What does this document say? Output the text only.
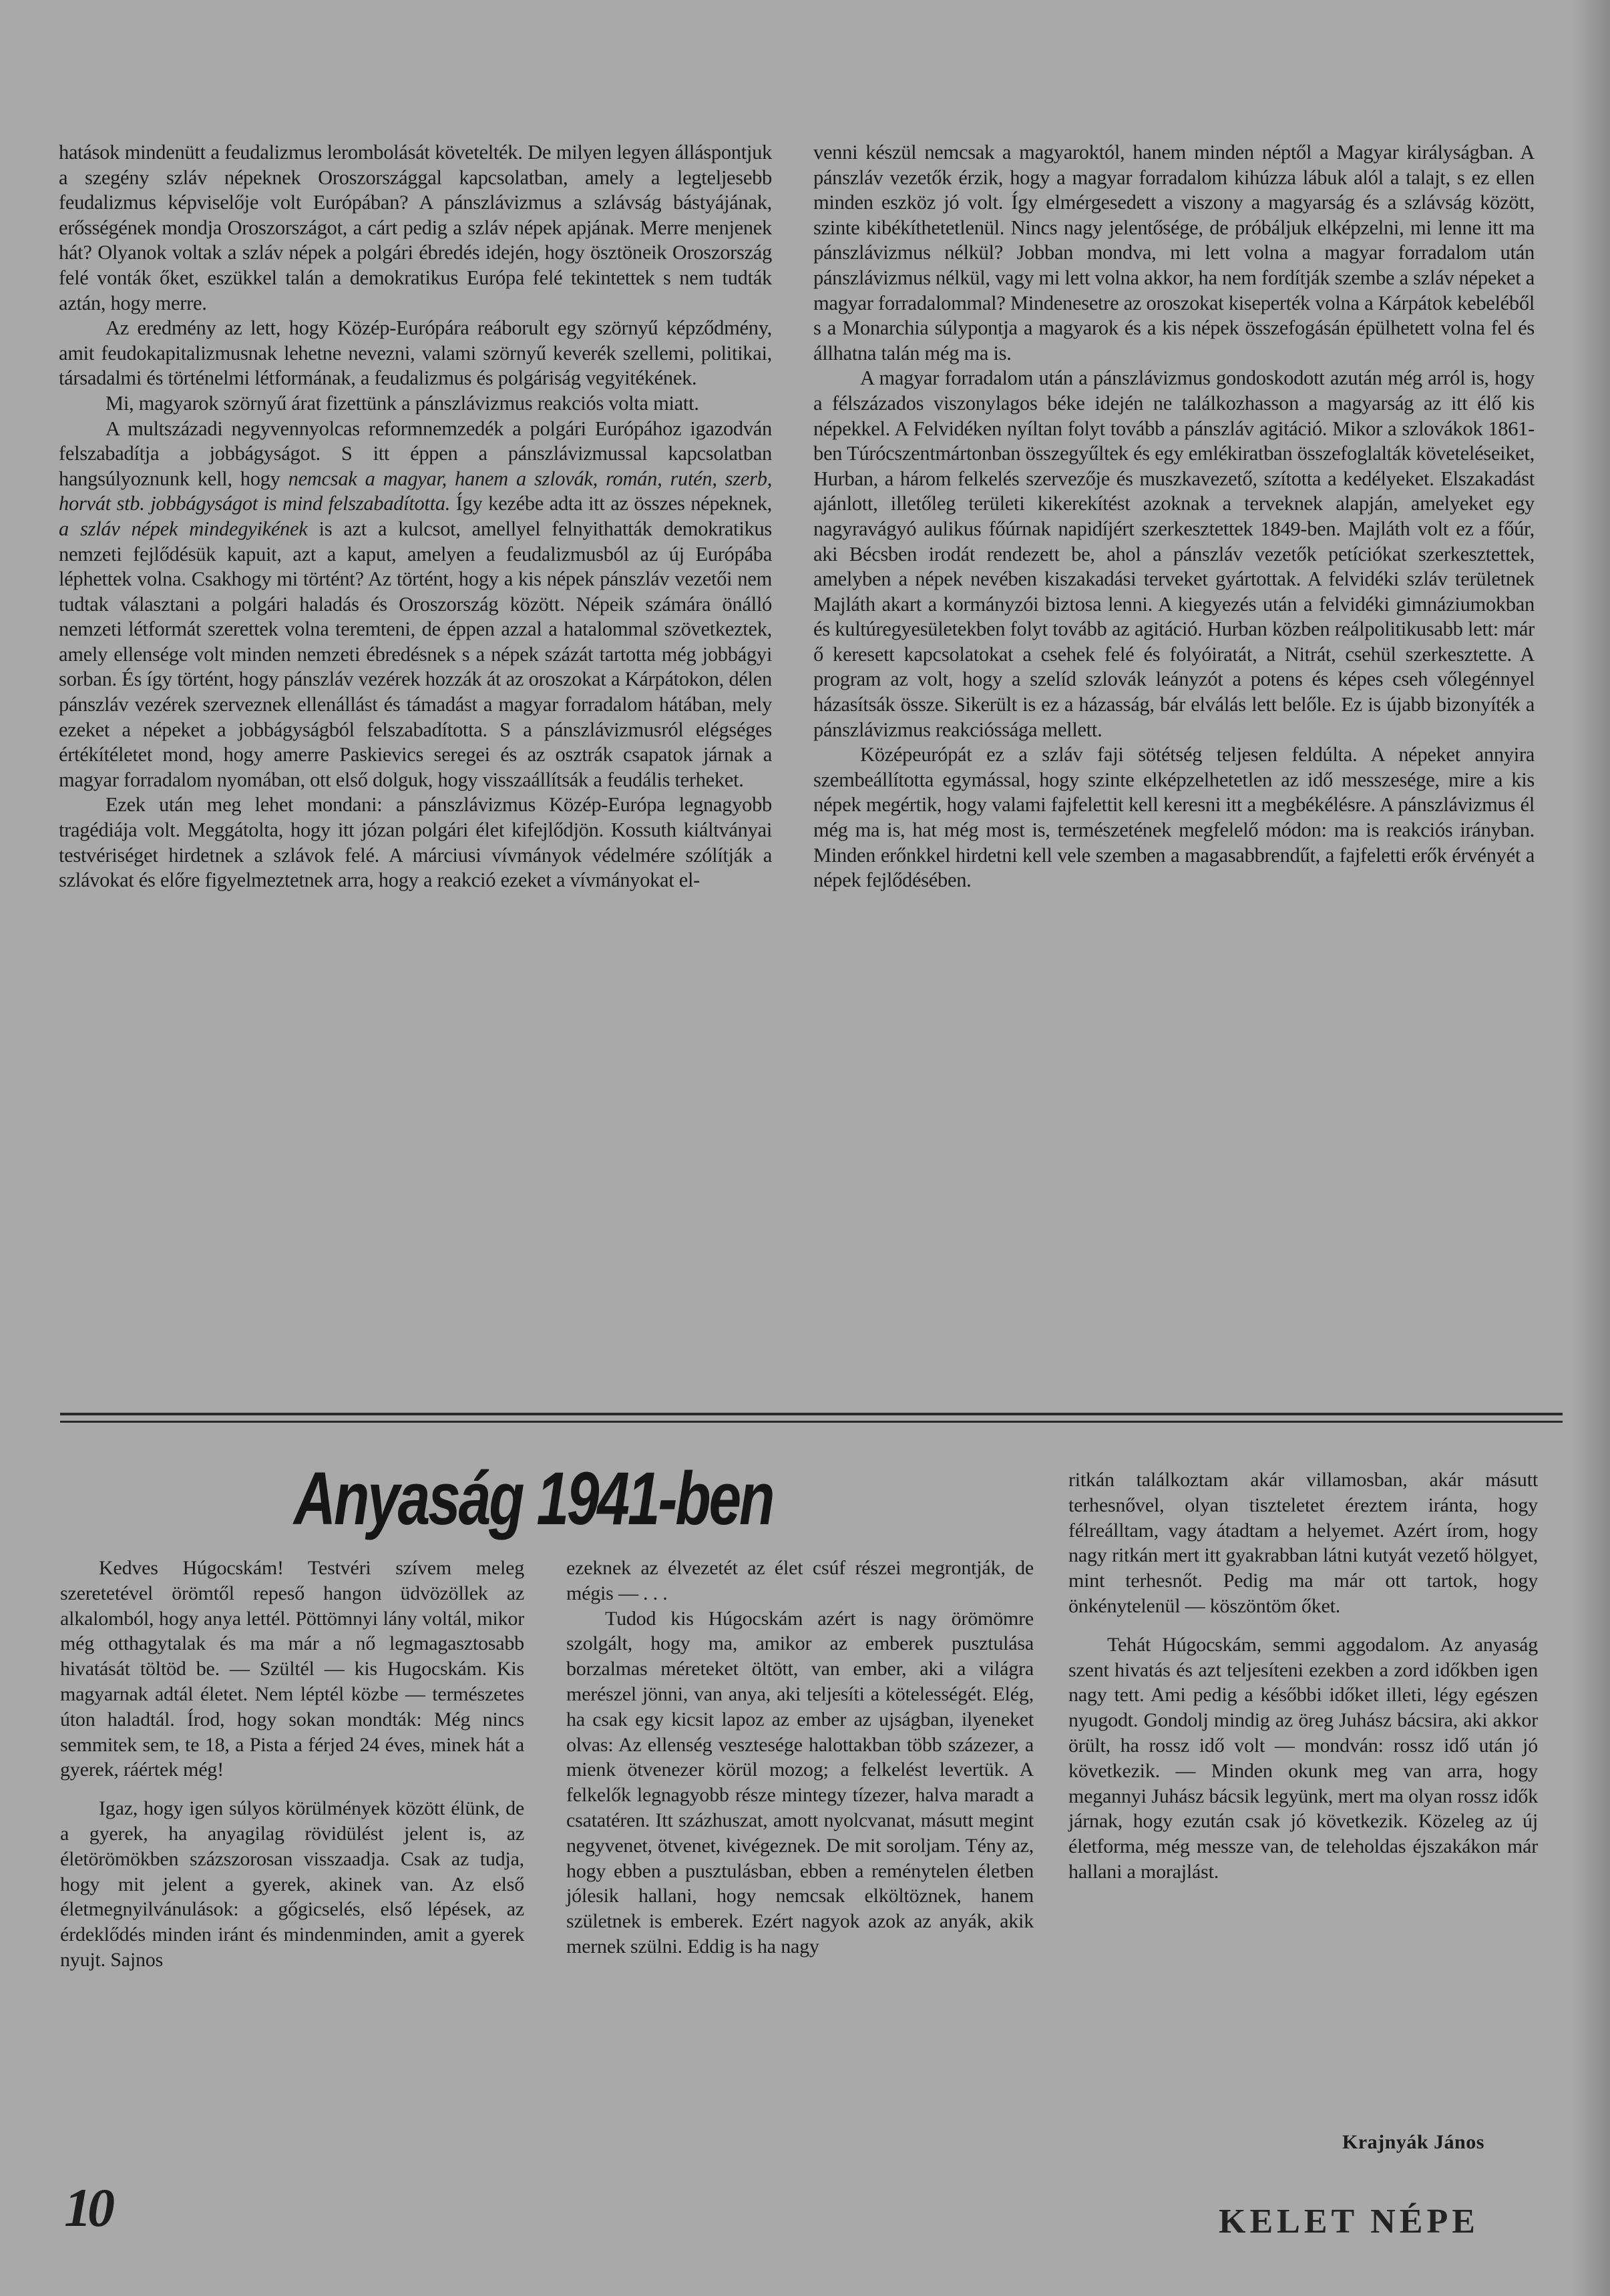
hatások mindenütt a feudalizmus lerombolását követelték. De milyen legyen álláspontjuk a szegény szláv népeknek Oroszországgal kapcsolatban, amely a legteljesebb feudalizmus képviselője volt Európában? A pánszlávizmus a szlávság bástyájának, erősségének mondja Oroszországot, a cárt pedig a szláv népek apjának. Merre menjenek hát? Olyanok voltak a szláv népek a polgári ébredés idején, hogy ösztöneik Oroszország felé vonták őket, eszükkel talán a demokratikus Európa felé tekintettek s nem tudták aztán, hogy merre.

Az eredmény az lett, hogy Közép-Európára reáborult egy szörnyű képződmény, amit feudokapitalizmusnak lehetne nevezni, valami szörnyű keverék szellemi, politikai, társadalmi és történelmi létformának, a feudalizmus és polgáriság vegyitékének.

Mi, magyarok szörnyű árat fizettünk a pánszlávizmus reakciós volta miatt.

A multszázadi negyvennyolcas reformnemzedék a polgári Európához igazodván felszabadítja a jobbágyságot. S itt éppen a pánszlávizmussal kapcsolatban hangsúlyoznunk kell, hogy nemcsak a magyar, hanem a szlovák, román, rutén, szerb, horvát stb. jobbágyságot is mind felszabadította. Így kezébe adta itt az összes népeknek, a szláv népek mindegyikének is azt a kulcsot, amellyel felnyithatták demokratikus nemzeti fejlődésük kapuit, azt a kaput, amelyen a feudalizmusból az új Európába léphettek volna. Csakhogy mi történt? Az történt, hogy a kis népek pánszláv vezetői nem tudtak választani a polgári haladás és Oroszország között. Népeik számára önálló nemzeti létformát szerettek volna teremteni, de éppen azzal a hatalommal szövetkeztek, amely ellensége volt minden nemzeti ébredésnek s a népek százát tartotta még jobbágyi sorban. És így történt, hogy pánszláv vezérek hozzák át az oroszokat a Kárpátokon, délen pánszláv vezérek szerveznek ellenállást és támadást a magyar forradalom hátában, mely ezeket a népeket a jobbágyságból felszabadította. S a pánszlávizmusról elégséges értékítéletet mond, hogy amerre Paskievics seregei és az osztrák csapatok járnak a magyar forradalom nyomában, ott első dolguk, hogy visszaállítsák a feudális terheket.

Ezek után meg lehet mondani: a pánszlávizmus Közép-Európa legnagyobb tragédiája volt. Meggátolta, hogy itt józan polgári élet kifejlődjön. Kossuth kiáltványai testvériséget hirdetnek a szlávok felé. A márciusi vívmányok védelmére szólítják a szlávokat és előre figyelmeztetnek arra, hogy a reakció ezeket a vívmányokat el-

venni készül nemcsak a magyaroktól, hanem minden néptől a Magyar királyságban. A pánszláv vezetők érzik, hogy a magyar forradalom kihúzza lábuk alól a talajt, s ez ellen minden eszköz jó volt. Így elmérgesedett a viszony a magyarság és a szlávság között, szinte kibékíthetetlenül. Nincs nagy jelentősége, de próbáljuk elképzelni, mi lenne itt ma pánszlávizmus nélkül? Jobban mondva, mi lett volna a magyar forradalom után pánszlávizmus nélkül, vagy mi lett volna akkor, ha nem fordítják szembe a szláv népeket a magyar forradalommal? Mindenesetre az oroszokat kiseperték volna a Kárpátok kebeléből s a Monarchia súlypontja a magyarok és a kis népek összefogásán épülhetett volna fel és állhatna talán még ma is.

A magyar forradalom után a pánszlávizmus gondoskodott azután még arról is, hogy a félszázados viszonylagos béke idején ne találkozhasson a magyarság az itt élő kis népekkel. A Felvidéken nyíltan folyt tovább a pánszláv agitáció. Mikor a szlovákok 1861-ben Túrócszentmártonban összegyűltek és egy emlékiratban összefoglalták követeléseiket, Hurban, a három felkelés szervezője és muszkavezető, szította a kedélyeket. Elszakadást ajánlott, illetőleg területi kikerekítést azoknak a terveknek alapján, amelyeket egy nagyravágyó aulikus főúrnak napidíjért szerkesztettek 1849-ben. Majláth volt ez a főúr, aki Bécsben irodát rendezett be, ahol a pánszláv vezetők petíciókat szerkesztettek, amelyben a népek nevében kiszakadási terveket gyártottak. A felvidéki szláv területnek Majláth akart a kormányzói biztosa lenni. A kiegyezés után a felvidéki gimnáziumokban és kultúregyesületekben folyt tovább az agitáció. Hurban közben reálpolitikusabb lett: már ő keresett kapcsolatokat a csehek felé és folyóiratát, a Nitrát, csehül szerkesztette. A program az volt, hogy a szelíd szlovák leányzót a potens és képes cseh vőlegénnyel házasítsák össze. Sikerült is ez a házasság, bár elválás lett belőle. Ez is újabb bizonyíték a pánszlávizmus reakcióssága mellett.

Középeurópát ez a szláv faji sötétség teljesen feldúlta. A népeket annyira szembeállította egymással, hogy szinte elképzelhetetlen az idő messzesége, mire a kis népek megértik, hogy valami fajfelettit kell keresni itt a megbékélésre. A pánszlávizmus él még ma is, hat még most is, természetének megfelelő módon: ma is reakciós irányban. Minden erőnkkel hirdetni kell vele szemben a magasabbrendűt, a fajfeletti erők érvényét a népek fejlődésében.

Anyaság 1941-ben

Kedves Húgocskám! Testvéri szívem meleg szeretetével örömtől repeső hangon üdvözöllek az alkalomból, hogy anya lettél. Pöttömnyi lány voltál, mikor még otthagytalak és ma már a nő legmagasztosabb hivatását töltöd be. — Szültél — kis Hugocskám. Kis magyarnak adtál életet. Nem léptél közbe — természetes úton haladtál. Írod, hogy sokan mondták: Még nincs semmitek sem, te 18, a Pista a férjed 24 éves, minek hát a gyerek, ráértek még!

Igaz, hogy igen súlyos körülmények között élünk, de a gyerek, ha anyagilag rövidülést jelent is, az életörömökben százszorosan visszaadja. Csak az tudja, hogy mit jelent a gyerek, akinek van. Az első életmegnyilvánulások: a gőgicselés, első lépések, az érdeklődés minden iránt és mindenminden, amit a gyerek nyujt. Sajnos

ezeknek az élvezetét az élet csúf részei megrontják, de mégis — . . .

Tudod kis Húgocskám azért is nagy örömömre szolgált, hogy ma, amikor az emberek pusztulása borzalmas méreteket öltött, van ember, aki a világra merészel jönni, van anya, aki teljesíti a kötelességét. Elég, ha csak egy kicsit lapoz az ember az ujságban, ilyeneket olvas: Az ellenség vesztesége halottakban több százezer, a mienk ötvenezer körül mozog; a felkelést levertük. A felkelők legnagyobb része mintegy tízezer, halva maradt a csatatéren. Itt százhuszat, amott nyolcvanat, másutt megint negyvenet, ötvenet, kivégeznek. De mit soroljam. Tény az, hogy ebben a pusztulásban, ebben a reménytelen életben jólesik hallani, hogy nemcsak elköltöznek, hanem születnek is emberek. Ezért nagyok azok az anyák, akik mernek szülni. Eddig is ha nagy

ritkán találkoztam akár villamosban, akár másutt terhesnővel, olyan tiszteletet éreztem iránta, hogy félreálltam, vagy átadtam a helyemet. Azért írom, hogy nagy ritkán mert itt gyakrabban látni kutyát vezető hölgyet, mint terhesnőt. Pedig ma már ott tartok, hogy önkénytelenül — köszöntöm őket.

Tehát Húgocskám, semmi aggodalom. Az anyaság szent hivatás és azt teljesíteni ezekben a zord időkben igen nagy tett. Ami pedig a későbbi időket illeti, légy egészen nyugodt. Gondolj mindig az öreg Juhász bácsira, aki akkor örült, ha rossz idő volt — mondván: rossz idő után jó következik. — Minden okunk meg van arra, hogy megannyi Juhász bácsik legyünk, mert ma olyan rossz idők járnak, hogy ezután csak jó következik. Közeleg az új életforma, még messze van, de teleholdas éjszakákon már hallani a morajlást.

Krajnyák János
10	KELET NÉPE
